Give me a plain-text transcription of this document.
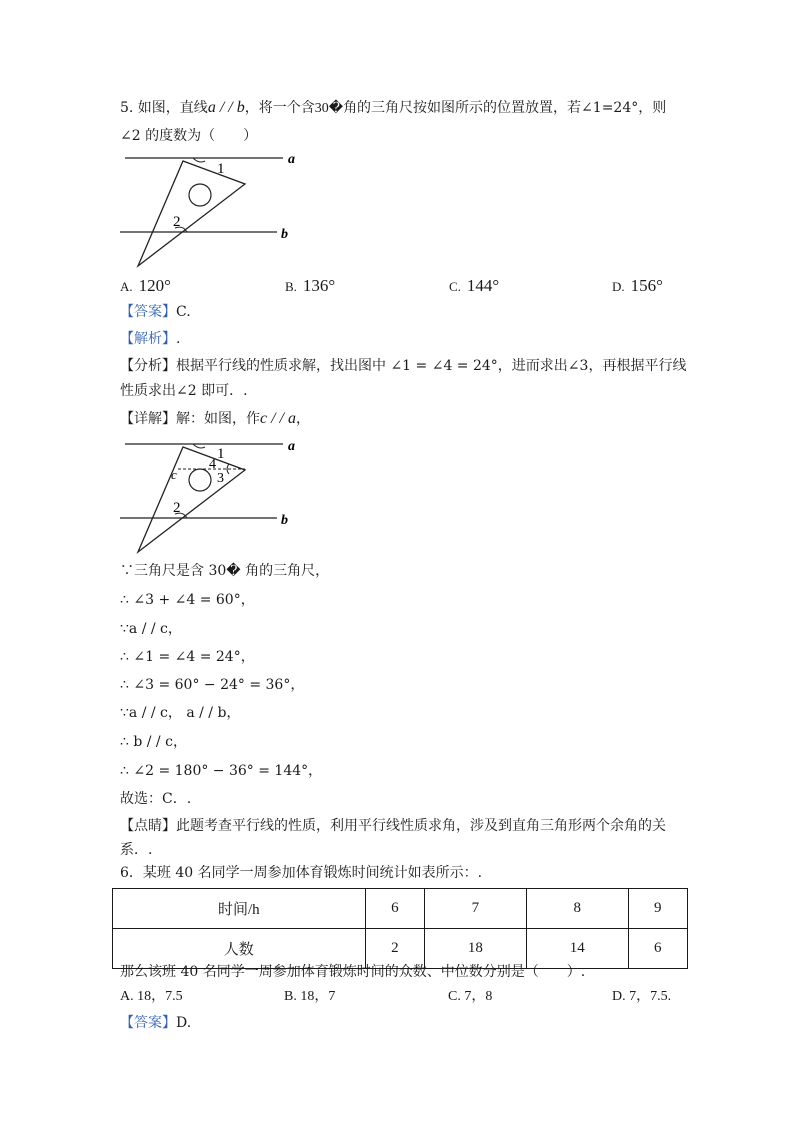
5. 如图，直线a / / b，将一个含30�角的三角尺按如图所示的位置放置，若∠1=24°，则
∠2 的度数为（　　）
1
2
a
b
A. 120°	B. 136°	C. 144°	D. 156°
【答案】C.
【解析】.
【分析】根据平行线的性质求解，找出图中 ∠1 = ∠4 = 24°，进而求出∠3，再根据平行线
性质求出∠2 即可．.
【详解】解：如图，作c / / a，
1
4
3
c
2
a
b
∵三角尺是含 30� 角的三角尺，
∴ ∠3 + ∠4 = 60°，
∵a / / c，
∴ ∠1 = ∠4 = 24°，
∴ ∠3 = 60° − 24° = 36°，
∵a / / c， a / / b，
∴ b / / c，
∴ ∠2 = 180° − 36° = 144°，
故选：C．.
【点睛】此题考查平行线的性质，利用平行线性质求角，涉及到直角三角形两个余角的关
系．.
6．某班 40 名同学一周参加体育锻炼时间统计如表所示：.
时间/h	6	7	8	9
人数	2	18	14	6
那么该班 40 名同学一周参加体育锻炼时间的众数、中位数分别是（　　）.
A. 18，7.5	B. 18，7	C. 7，8	D. 7，7.5.
【答案】D.
